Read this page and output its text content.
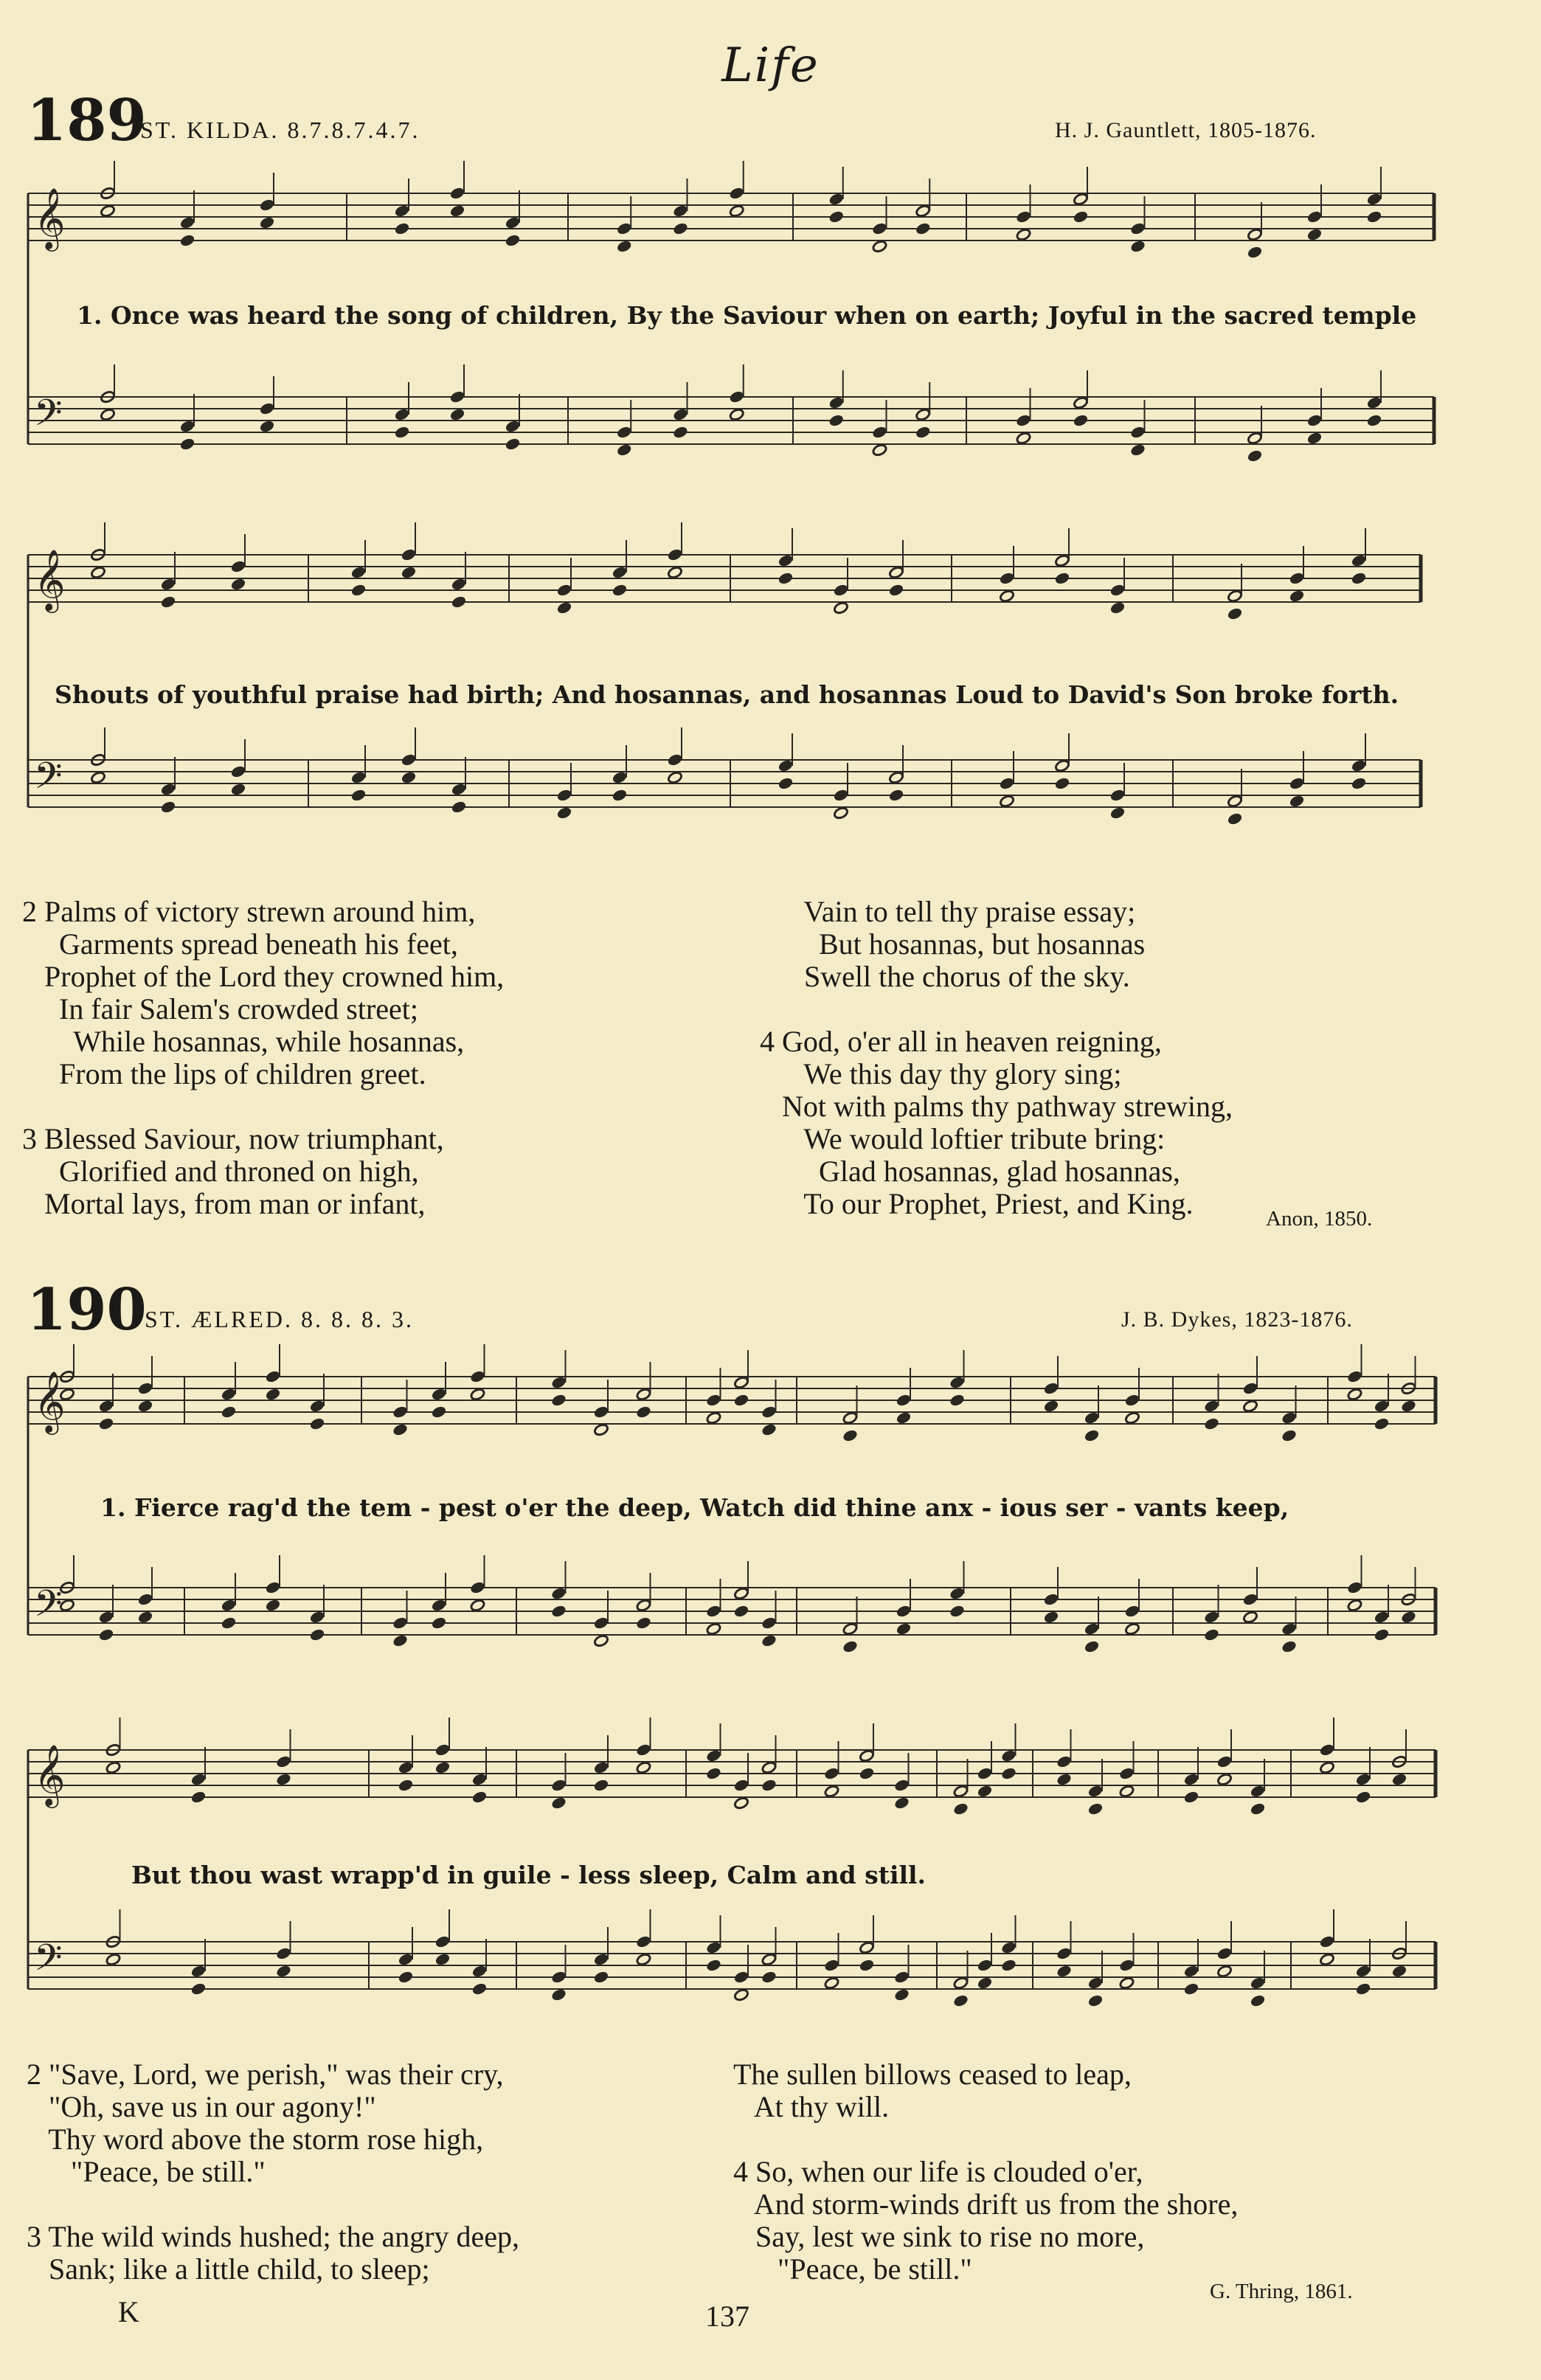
Life
189
ST. KILDA. 8.7.8.7.4.7.	H. J. Gauntlett, 1805-1876.
𝄞
𝄢
𝄞
𝄢
𝄞
𝄢
𝄞
𝄢
1. Once was heard the song of children, By the Saviour when on earth; Joyful in the sacred temple
Shouts of youthful praise had birth; And hosannas, and hosannas Loud to David's Son broke forth.
2 Palms of victory strewn around him,
Garments spread beneath his feet,
Prophet of the Lord they crowned him,
In fair Salem's crowded street;
While hosannas, while hosannas,
From the lips of children greet.

3 Blessed Saviour, now triumphant,
Glorified and throned on high,
Mortal lays, from man or infant,
Vain to tell thy praise essay;
But hosannas, but hosannas
Swell the chorus of the sky.

4 God, o'er all in heaven reigning,
We this day thy glory sing;
Not with palms thy pathway strewing,
We would loftier tribute bring:
Glad hosannas, glad hosannas,
To our Prophet, Priest, and King.	Anon, 1850.
190
ST. ÆLRED. 8. 8. 8. 3.	J. B. Dykes, 1823-1876.
1. Fierce rag'd the tem - pest o'er the deep, Watch did thine anx - ious ser - vants keep,
But thou wast wrapp'd in guile - less sleep, Calm and still.
2 "Save, Lord, we perish," was their cry,
"Oh, save us in our agony!"
Thy word above the storm rose high,
"Peace, be still."

3 The wild winds hushed; the angry deep,
Sank; like a little child, to sleep;
The sullen billows ceased to leap,
At thy will.

4 So, when our life is clouded o'er,
And storm-winds drift us from the shore,
Say, lest we sink to rise no more,
"Peace, be still."
G. Thring, 1861.
K	137
